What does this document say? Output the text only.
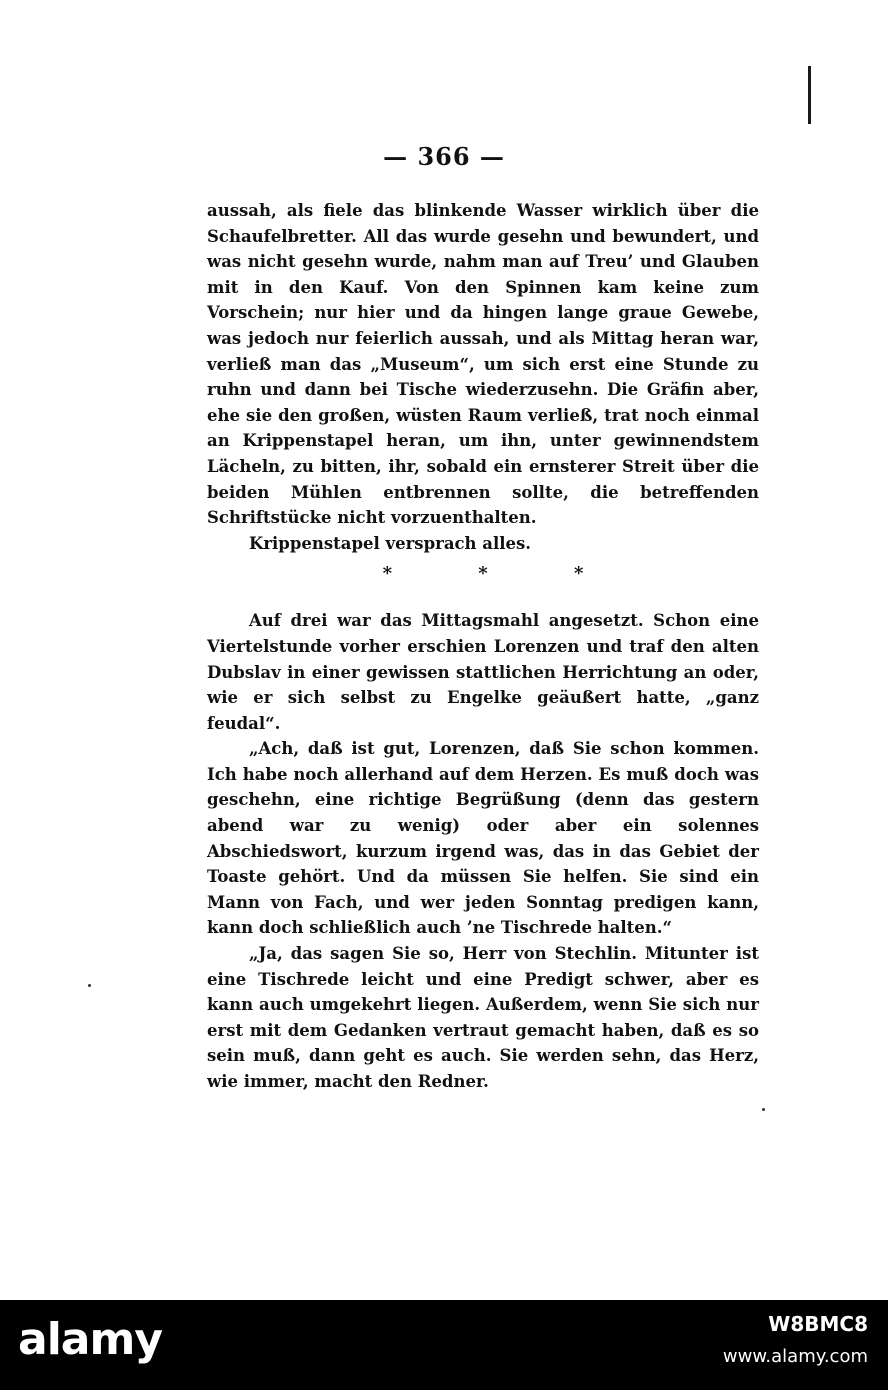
— 366 —

aussah, als fiele das blinkende Wasser wirklich über die Schaufelbretter. All das wurde gesehn und bewundert, und was nicht gesehn wurde, nahm man auf Treu’ und Glauben mit in den Kauf. Von den Spinnen kam keine zum Vorschein; nur hier und da hingen lange graue Gewebe, was jedoch nur feierlich aussah, und als Mittag heran war, verließ man das „Museum“, um sich erst eine Stunde zu ruhn und dann bei Tische wiederzusehn. Die Gräfin aber, ehe sie den großen, wüsten Raum verließ, trat noch einmal an Krippenstapel heran, um ihn, unter gewinnendstem Lächeln, zu bitten, ihr, sobald ein ernsterer Streit über die beiden Mühlen entbrennen sollte, die betreffenden Schriftstücke nicht vorzuenthalten.

Krippenstapel versprach alles.

* * *

Auf drei war das Mittagsmahl angesetzt. Schon eine Viertelstunde vorher erschien Lorenzen und traf den alten Dubslav in einer gewissen stattlichen Herrichtung an oder, wie er sich selbst zu Engelke geäußert hatte, „ganz feudal“.

„Ach, daß ist gut, Lorenzen, daß Sie schon kommen. Ich habe noch allerhand auf dem Herzen. Es muß doch was geschehn, eine richtige Begrüßung (denn das gestern abend war zu wenig) oder aber ein solennes Abschiedswort, kurzum irgend was, das in das Gebiet der Toaste gehört. Und da müssen Sie helfen. Sie sind ein Mann von Fach, und wer jeden Sonntag predigen kann, kann doch schließlich auch ’ne Tischrede halten.“

„Ja, das sagen Sie so, Herr von Stechlin. Mitunter ist eine Tischrede leicht und eine Predigt schwer, aber es kann auch umgekehrt liegen. Außerdem, wenn Sie sich nur erst mit dem Gedanken vertraut gemacht haben, daß es so sein muß, dann geht es auch. Sie werden sehn, das Herz, wie immer, macht den Redner.

alamy	W8BMC8
www.alamy.com
